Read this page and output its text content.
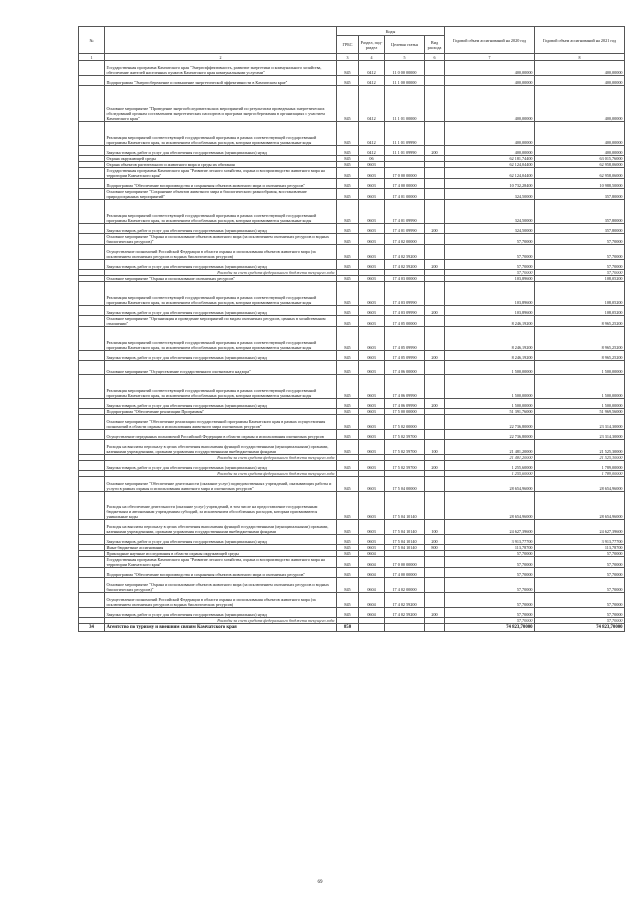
№		Коды				Годовой объем ассигнований на 2020 год	Годовой объем ассигнований на 2021 год
		ГРБС	Раздел, под-раздел	Целевая статья	Вид расхода		
1	2	3	4	5	6	7	8
	Государственная программа Камчатского края "Энергоэффективность, развитие энергетики и коммунального хозяйства, обеспечение жителей населенных пунктов Камчатского края коммунальными услугами"	845	0412	11 0 00 00000		400,00000	400,00000
	Подпрограмма "Энергосбережение и повышение энергетической эффективности в Камчатском крае"	845	0412	11 1 00 00000		400,00000	400,00000
	Основное мероприятие "Проведение энергообследовательских мероприятий по результатам проведенных энергетических обследований органам составлением энергетических паспортов и программ энергосбережения в организациях с участием Камчатского края"	845	0412	11 1 01 00000		400,00000	400,00000
	Реализация мероприятий соответствующей государственной программы в рамках соответствующей государственной программы Камчатского края, за исключением обособленных расходов, которым присваиваются уникальные коды	845	0412	11 1 01 09990		400,00000	400,00000
	Закупка товаров, работ и услуг для обеспечения государственных (муниципальных) нужд	845	0412	11 1 01 09990	200	400,00000	400,00000
	Охрана окружающей среды	845	06			62 181,74400	63 015,76000
	Охрана объектов растительного и животного мира и среды их обитания	845	0603			62 124,04400	62 958,06000
	Государственная программа Камчатского края "Развитие лесного хозяйства, охрана и воспроизводство животного мира на территории Камчатского края"	845	0603	17 0 00 00000		62 124,04400	62 958,06000
	Подпрограмма "Обеспечение воспроизводства и сохранения объектов животного мира и охотничьих ресурсов"	845	0603	17 4 00 00000		10 732,28400	10 988,50000
	Основное мероприятие "Сохранение объектов животного мира и биологического разнообразия, восстановление природоохранных мероприятий"	845	0603	17 4 01 00000		324,50000	357,80000
	Реализация мероприятий соответствующей государственной программы в рамках соответствующей государственной программы Камчатского края, за исключением обособленных расходов, которым присваиваются уникальные коды	845	0603	17 4 01 09990		324,50000	357,80000
	Закупка товаров, работ и услуг для обеспечения государственных (муниципальных) нужд	845	0603	17 4 01 09990	200	324,50000	357,80000
	Основное мероприятие "Охрана и использование объектов животного мира (за исключением охотничьих ресурсов и водных биологических ресурсов)"	845	0603	17 4 02 00000		57,70000	57,70000
	Осуществление полномочий Российской Федерации в области охраны и использования объектов животного мира (за исключением охотничьих ресурсов и водных биологических ресурсов)	845	0603	17 4 02 59200		57,70000	57,70000
	Закупка товаров, работ и услуг для обеспечения государственных (муниципальных) нужд	845	0603	17 4 02 59200	200	57,70000	57,70000
	Расходы за счет средств федерального бюджета текущего года					57,70000	57,70000
	Основное мероприятие "Охрана и использование охотничьих ресурсов"	845	0603	17 4 03 00000		103,89600	108,05200
	Реализация мероприятий соответствующей государственной программы в рамках соответствующей государственной программы Камчатского края, за исключением обособленных расходов, которым присваиваются уникальные коды	845	0603	17 4 03 09990		103,89600	108,05200
	Закупка товаров, работ и услуг для обеспечения государственных (муниципальных) нужд	845	0603	17 4 03 09990	200	103,89600	108,05200
	Основное мероприятие "Организация и проведение мероприятий по видам охотничьих ресурсов, ценных в хозяйственном отношении"	845	0603	17 4 05 00000		8 246,19200	8 965,25200
	Реализация мероприятий соответствующей государственной программы в рамках соответствующей государственной программы Камчатского края, за исключением обособленных расходов, которым присваиваются уникальные коды	845	0603	17 4 05 09990		8 246,19200	8 965,25200
	Закупка товаров, работ и услуг для обеспечения государственных (муниципальных) нужд	845	0603	17 4 05 09990	200	8 246,19200	8 965,25200
	Основное мероприятие "Осуществление государственного охотничьего надзора"	845	0603	17 4 06 00000		1 500,00000	1 500,00000
	Реализация мероприятий соответствующей государственной программы в рамках соответствующей государственной программы Камчатского края, за исключением обособленных расходов, которым присваиваются уникальные коды	845	0603	17 4 06 09990		1 500,00000	1 500,00000
	Закупка товаров, работ и услуг для обеспечения государственных (муниципальных) нужд	845	0603	17 4 06 09990	200	1 500,00000	1 500,00000
	Подпрограмма "Обеспечение реализации Программы"	845	0603	17 5 00 00000		51 391,76000	51 969,56000
	Основное мероприятие "Обеспечение реализации государственной программы Камчатского края в рамках осуществления полномочий в области охраны и использования животного мира охотничьих ресурсов"	845	0603	17 5 02 00000		22 736,80000	23 314,30000
	Осуществление переданных полномочий Российской Федерации в области охраны и использования охотничьих ресурсов	845	0603	17 5 02 59700		22 736,80000	23 314,30000
	Расходы на выплаты персоналу в целях обеспечения выполнения функций государственными (муниципальными) органами, казенными учреждениями, органами управления государственными внебюджетными фондами	845	0603	17 5 02 59700	100	21 481,20000	21 525,30000
	Расходы за счет средств федерального бюджета текущего года					21 481,20000	21 525,30000
	Закупка товаров, работ и услуг для обеспечения государственных (муниципальных) нужд	845	0603	17 5 02 59700	200	1 255,60000	1 789,00000
	Расходы за счет средств федерального бюджета текущего года					1 255,60000	1 789,00000
	Основное мероприятие "Обеспечение деятельности (оказание услуг) подведомственных учреждений, оказывающих работы и услуги в рамках охраны и использования животного мира и охотничьих ресурсов"	845	0603	17 5 04 00000		28 654,96000	28 654,96000
	Расходы на обеспечение деятельности (оказание услуг) учреждений, в том числе на предоставление государственным бюджетным и автономным учреждениям субсидий, за исключением обособленных расходов, которым присваиваются уникальные коды	845	0603	17 5 04 10140		28 654,96000	28 654,96000
	Расходы на выплаты персоналу в целях обеспечения выполнения функций государственными (муниципальными) органами, казенными учреждениями, органами управления государственными внебюджетными фондами	845	0603	17 5 04 10140	100	24 627,39600	24 627,39600
	Закупка товаров, работ и услуг для обеспечения государственных (муниципальных) нужд	845	0603	17 5 04 10140	200	3 913,77700	3 913,77700
	Иные бюджетные ассигнования	845	0603	17 5 04 10140	800	113,78700	113,78700
	Прикладные научные исследования в области охраны окружающей среды	845	0604			57,70000	57,70000
	Государственная программа Камчатского края "Развитие лесного хозяйства, охрана и воспроизводство животного мира на территории Камчатского края"	845	0604	17 0 00 00000		57,70000	57,70000
	Подпрограмма "Обеспечение воспроизводства и сохранения объектов животного мира и охотничьих ресурсов"	845	0604	17 4 00 00000		57,70000	57,70000
	Основное мероприятие "Охрана и использование объектов животного мира (за исключением охотничьих ресурсов и водных биологических ресурсов)"	845	0604	17 4 02 00000		57,70000	57,70000
	Осуществление полномочий Российской Федерации в области охраны и использования объектов животного мира (за исключением охотничьих ресурсов и водных биологических ресурсов)	845	0604	17 4 02 59200		57,70000	57,70000
	Закупка товаров, работ и услуг для обеспечения государственных (муниципальных) нужд	845	0604	17 4 02 59200	200	57,70000	57,70000
	Расходы за счет средств федерального бюджета текущего года					57,70000	57,70000
34	Агентство по туризму и внешним связям Камчатского края	850				74 823,70000	74 823,70000
69
